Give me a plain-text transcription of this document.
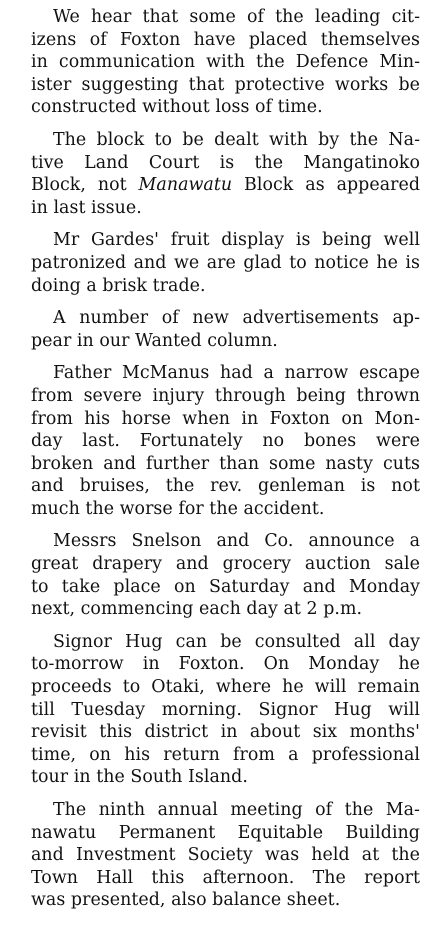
We hear that some of the leading cit-
izens of Foxton have placed themselves
in communication with the Defence Min-
ister suggesting that protective works be
constructed without loss of time.

The block to be dealt with by the Na-
tive Land Court is the Mangatinoko
Block, not Manawatu Block as appeared
in last issue.

Mr Gardes' fruit display is being well
patronized and we are glad to notice he is
doing a brisk trade.

A number of new advertisements ap-
pear in our Wanted column.

Father McManus had a narrow escape
from severe injury through being thrown
from his horse when in Foxton on Mon-
day last. Fortunately no bones were
broken and further than some nasty cuts
and bruises, the rev. genleman is not
much the worse for the accident.

Messrs Snelson and Co. announce a
great drapery and grocery auction sale
to take place on Saturday and Monday
next, commencing each day at 2 p.m.

Signor Hug can be consulted all day
to-morrow in Foxton. On Monday he
proceeds to Otaki, where he will remain
till Tuesday morning. Signor Hug will
revisit this district in about six months'
time, on his return from a professional
tour in the South Island.

The ninth annual meeting of the Ma-
nawatu Permanent Equitable Building
and Investment Society was held at the
Town Hall this afternoon. The report
was presented, also balance sheet.
